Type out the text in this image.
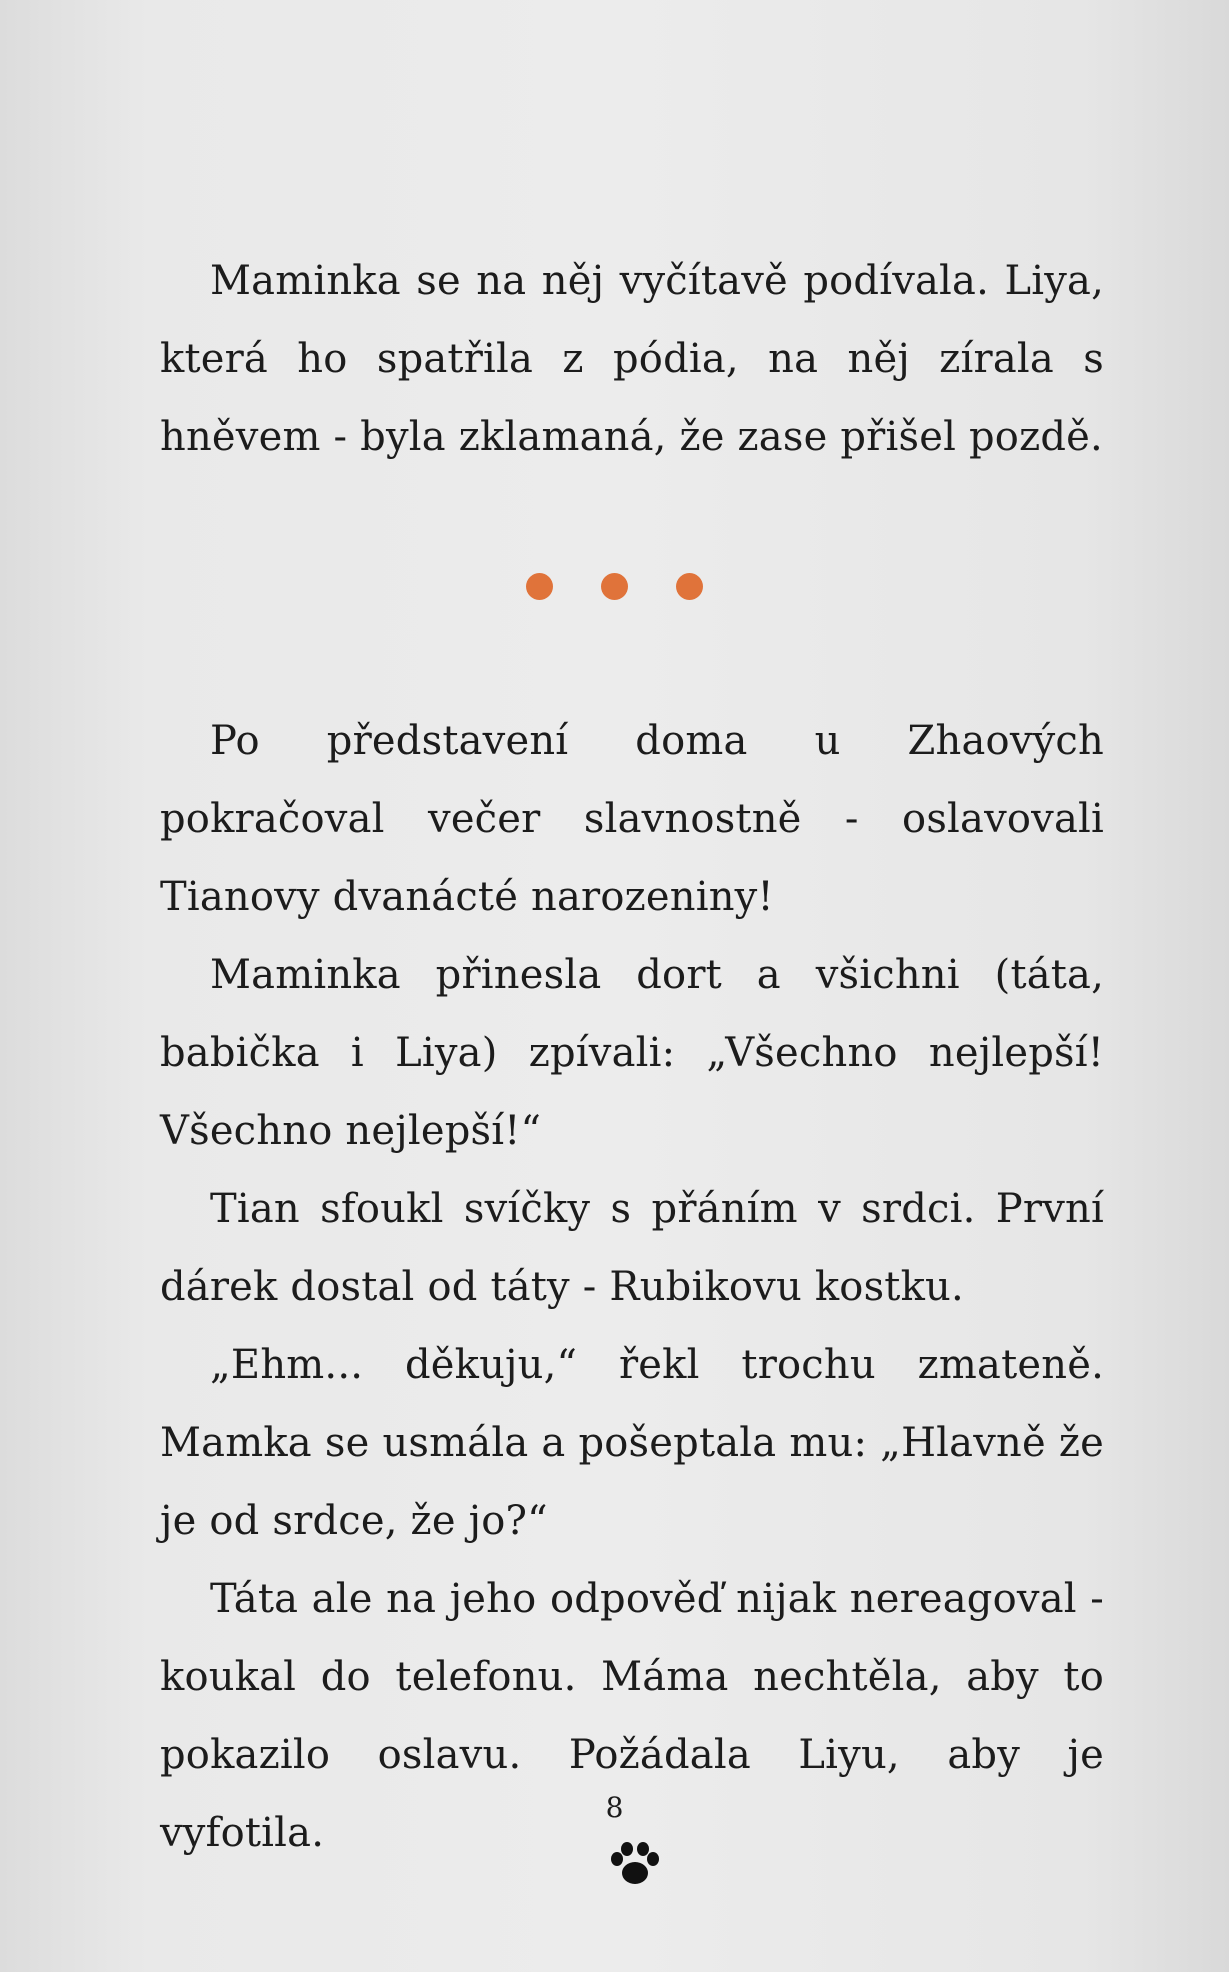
Maminka se na něj vyčítavě podívala. Liya, která ho spatřila z pódia, na něj zírala s hněvem - byla zklamaná, že zase přišel pozdě.

Po představení doma u Zhaových pokračoval večer slavnostně - oslavovali Tianovy dvanácté narozeniny!

Maminka přinesla dort a všichni (táta, babička i Liya) zpívali: „Všechno nejlepší! Všechno nejlepší!“

Tian sfoukl svíčky s přáním v srdci. První dárek dostal od táty - Rubikovu kostku.

„Ehm... děkuju,“ řekl trochu zmateně. Mamka se usmála a pošeptala mu: „Hlavně že je od srdce, že jo?“

Táta ale na jeho odpověď nijak nereagoval - koukal do telefonu. Máma nechtěla, aby to pokazilo oslavu. Požádala Liyu, aby je vyfotila.

8
